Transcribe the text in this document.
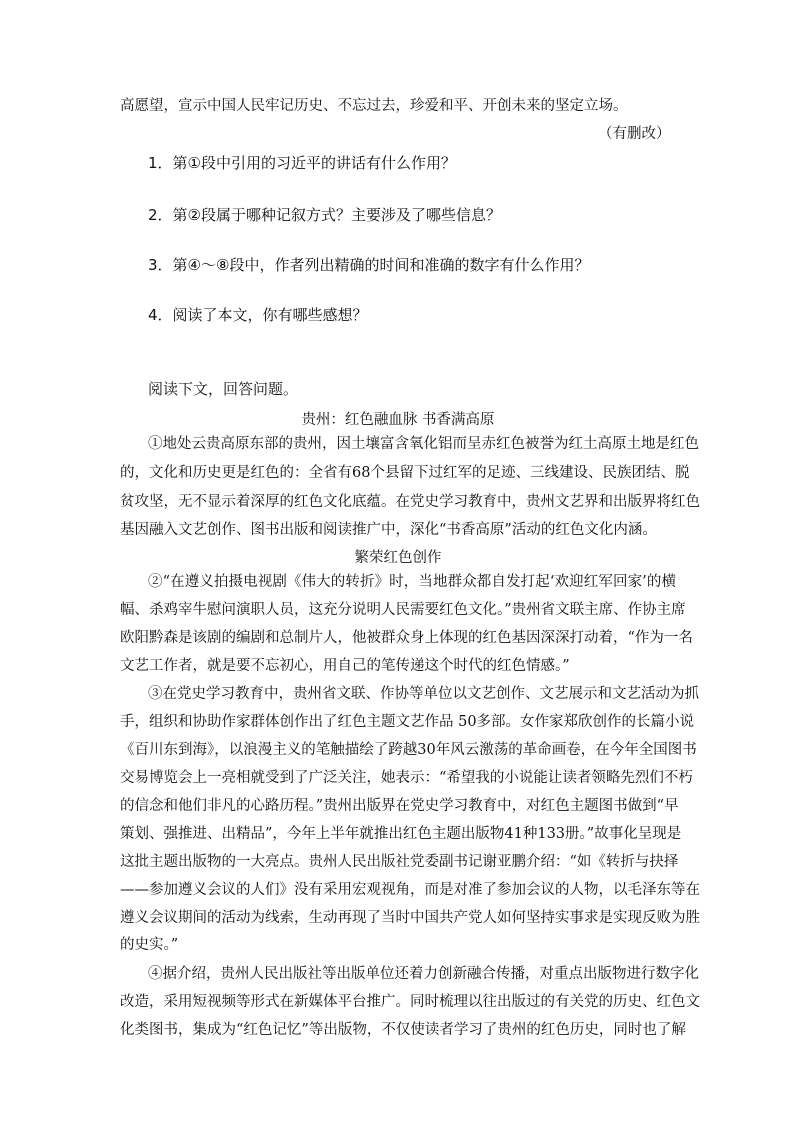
高愿望，宣示中国人民牢记历史、不忘过去，珍爱和平、开创未来的坚定立场。
（有删改）
1．第①段中引用的习近平的讲话有什么作用？
2．第②段属于哪种记叙方式？主要涉及了哪些信息？
3．第④～⑧段中，作者列出精确的时间和准确的数字有什么作用？
4．阅读了本文，你有哪些感想？
阅读下文，回答问题。
贵州：红色融血脉 书香满高原
①地处云贵高原东部的贵州，因土壤富含氧化铝而呈赤红色被誉为红土高原土地是红色
的，文化和历史更是红色的：全省有68个县留下过红军的足迹、三线建设、民族团结、脱
贫攻坚，无不显示着深厚的红色文化底蕴。在党史学习教育中，贵州文艺界和出版界将红色
基因融入文艺创作、图书出版和阅读推广中，深化“书香高原”活动的红色文化内涵。
繁荣红色创作
②“在遵义拍摄电视剧《伟大的转折》时，当地群众都自发打起‘欢迎红军回家’的横
幅、杀鸡宰牛慰问演职人员，这充分说明人民需要红色文化。”贵州省文联主席、作协主席
欧阳黔森是该剧的编剧和总制片人，他被群众身上体现的红色基因深深打动着，“作为一名
文艺工作者，就是要不忘初心，用自己的笔传递这个时代的红色情感。”
③在党史学习教育中，贵州省文联、作协等单位以文艺创作、文艺展示和文艺活动为抓
手，组织和协助作家群体创作出了红色主题文艺作品 50多部。女作家郑欣创作的长篇小说
《百川东到海》，以浪漫主义的笔触描绘了跨越30年风云激荡的革命画卷，在今年全国图书
交易博览会上一亮相就受到了广泛关注，她表示：“希望我的小说能让读者领略先烈们不朽
的信念和他们非凡的心路历程。”贵州出版界在党史学习教育中，对红色主题图书做到“早
策划、强推进、出精品”，今年上半年就推出红色主题出版物41种133册。”故事化呈现是
这批主题出版物的一大亮点。贵州人民出版社党委副书记谢亚鹏介绍：“如《转折与抉择
——参加遵义会议的人们》没有采用宏观视角，而是对准了参加会议的人物，以毛泽东等在
遵义会议期间的活动为线索，生动再现了当时中国共产党人如何坚持实事求是实现反败为胜
的史实。”
④据介绍，贵州人民出版社等出版单位还着力创新融合传播，对重点出版物进行数字化
改造，采用短视频等形式在新媒体平台推广。同时梳理以往出版过的有关党的历史、红色文
化类图书，集成为“红色记忆”等出版物，不仅使读者学习了贵州的红色历史，同时也了解
